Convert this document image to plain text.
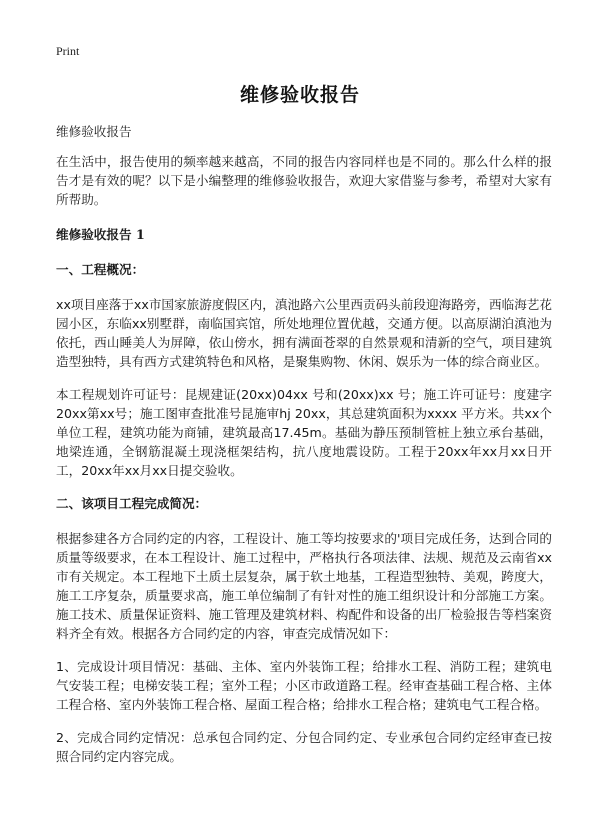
Print
维修验收报告

维修验收报告

在生活中，报告使用的频率越来越高，不同的报告内容同样也是不同的。那么什么样的报告才是有效的呢？以下是小编整理的维修验收报告，欢迎大家借鉴与参考，希望对大家有所帮助。

维修验收报告 1

一、工程概况：

xx项目座落于xx市国家旅游度假区内，滇池路六公里西贡码头前段迎海路旁，西临海艺花园小区，东临xx别墅群，南临国宾馆，所处地理位置优越，交通方便。以高原湖泊滇池为依托，西山睡美人为屏障，依山傍水，拥有满面苍翠的自然景观和清新的空气，项目建筑造型独特，具有西方式建筑特色和风格，是聚集购物、休闲、娱乐为一体的综合商业区。

本工程规划许可证号：昆规建证(20xx)04xx 号和(20xx)xx 号；施工许可证号：度建字20xx第xx号；施工图审查批准号昆施审hj 20xx，其总建筑面积为xxxx 平方米。共xx个单位工程，建筑功能为商铺，建筑最高17.45m。基础为静压预制管桩上独立承台基础，地梁连通，全钢筋混凝土现浇框架结构，抗八度地震设防。工程于20xx年xx月xx日开工，20xx年xx月xx日提交验收。

二、该项目工程完成简况：

根据参建各方合同约定的内容，工程设计、施工等均按要求的'项目完成任务，达到合同的质量等级要求，在本工程设计、施工过程中，严格执行各项法律、法规、规范及云南省xx市有关规定。本工程地下土质土层复杂，属于软土地基，工程造型独特、美观，跨度大，施工工序复杂，质量要求高，施工单位编制了有针对性的施工组织设计和分部施工方案。施工技术、质量保证资料、施工管理及建筑材料、构配件和设备的出厂检验报告等档案资料齐全有效。根据各方合同约定的内容，审查完成情况如下：

1、完成设计项目情况：基础、主体、室内外装饰工程；给排水工程、消防工程；建筑电气安装工程；电梯安装工程；室外工程；小区市政道路工程。经审查基础工程合格、主体工程合格、室内外装饰工程合格、屋面工程合格；给排水工程合格；建筑电气工程合格。

2、完成合同约定情况：总承包合同约定、分包合同约定、专业承包合同约定经审查已按照合同约定内容完成。
